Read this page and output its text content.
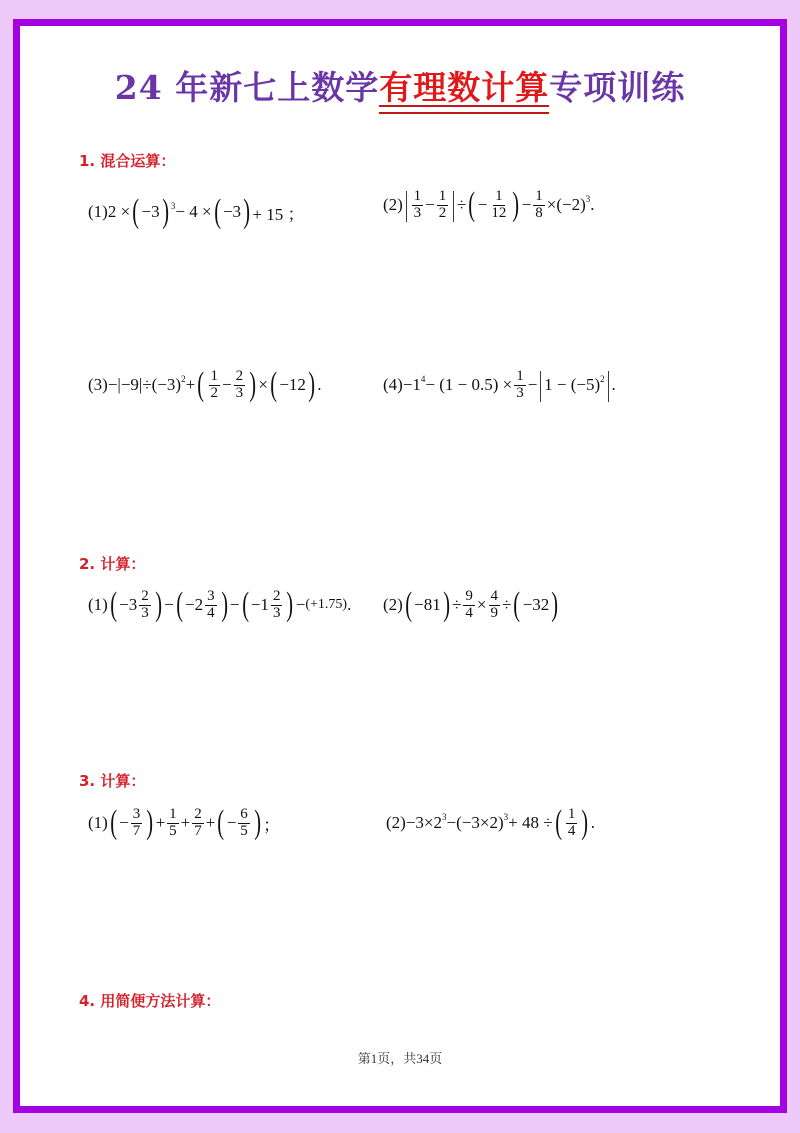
24 年新七上数学有理数计算专项训练
1. 混合运算：
(1) 2 × ( −3 ) $^3$ − 4 × ( −3 ) + 15 ；	(2) | $\frac{1}{3} - \frac{1}{2}$ | ÷ ( − $\frac{1}{12}$ ) − $\frac{1}{8} \times(-2)^3$ .
(3) − | −9 | $\div(-3)^2$ + ( $\frac{1}{2} - \frac{2}{3}$ ) × ( −12 ) .	$(4) -1^4 - (1 - 0.5) \times \frac{1}{3}$ − | $1 - (-5)^2$ | .
2. 计算：
(1) ( $-3 \frac{2}{3}$ ) − ( $-2 \frac{3}{4}$ ) − ( $-1 \frac{2}{3}$ ) − (+1.75) . (2) ( −81 ) ÷ $\frac{9}{4} \times \frac{4}{9}$ ÷ ( −32 )
3. 计算：
(1) ( − $\frac{3}{7}$ ) + $\frac{1}{5} + \frac{2}{7}$ + ( − $\frac{6}{5}$ ) ；	$(2) -3\times 2^3 - (-3\times 2)^3 + 48$ ÷ ( $\frac{1}{4}$ ) .
4. 用简便方法计算：
第1页，共34页
